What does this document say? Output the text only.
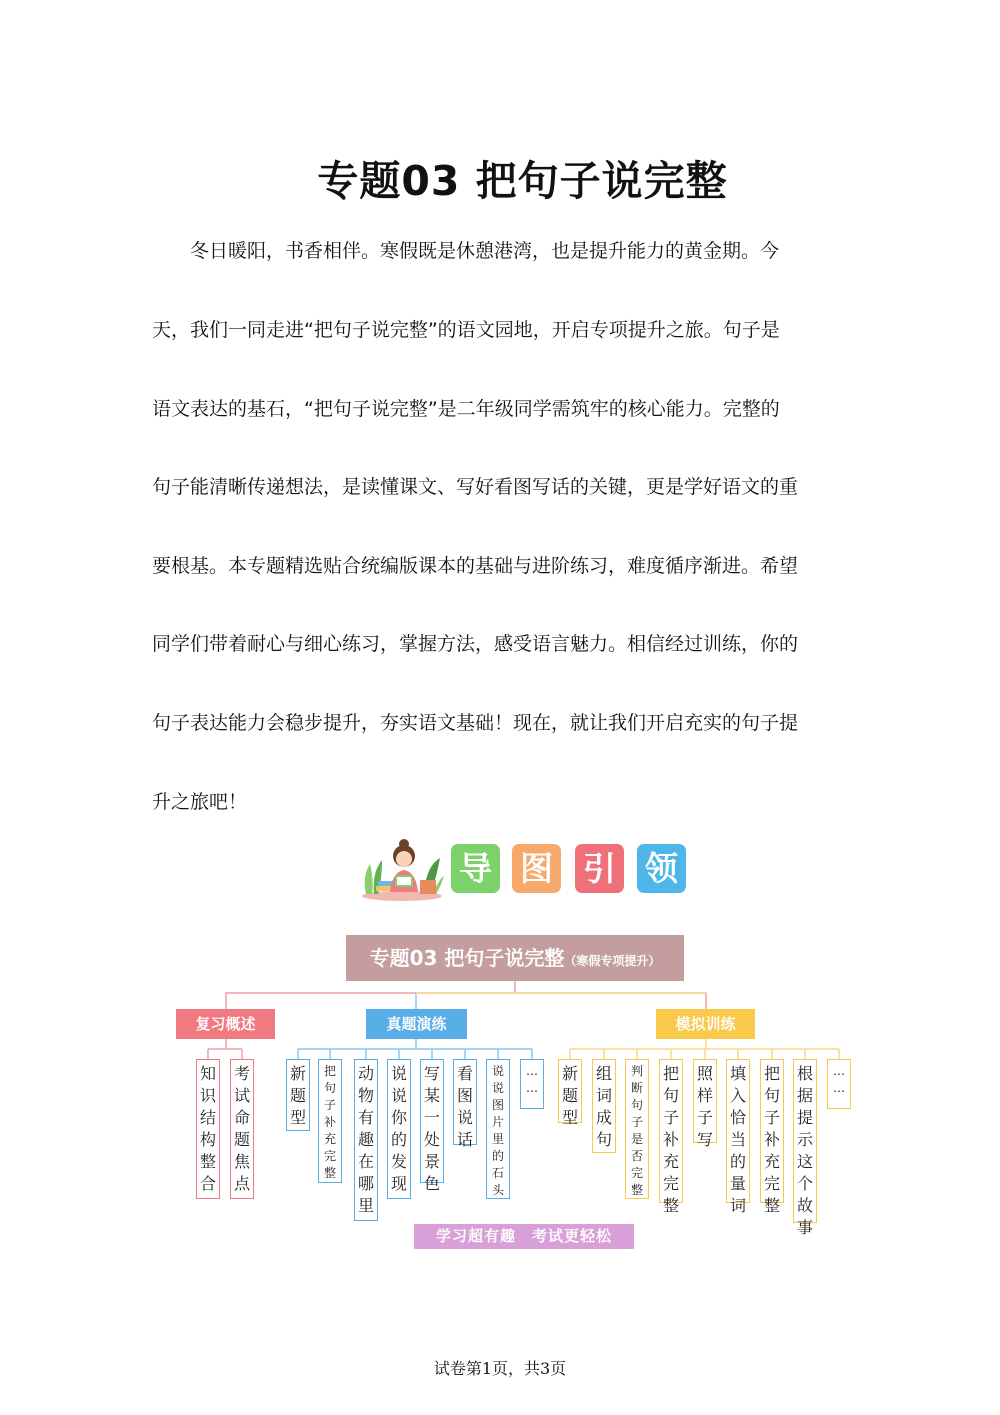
专题03 把句子说完整
　　冬日暖阳，书香相伴。寒假既是休憩港湾，也是提升能力的黄金期。今
天，我们一同走进“把句子说完整”的语文园地，开启专项提升之旅。句子是
语文表达的基石，“把句子说完整”是二年级同学需筑牢的核心能力。完整的
句子能清晰传递想法，是读懂课文、写好看图写话的关键，更是学好语文的重
要根基。本专题精选贴合统编版课本的基础与进阶练习，难度循序渐进。希望
同学们带着耐心与细心练习，掌握方法，感受语言魅力。相信经过训练，你的
句子表达能力会稳步提升，夯实语文基础！现在，就让我们开启充实的句子提
升之旅吧！
导 图 引 领
专题03 把句子说完整（寒假专项提升）
复习概述	真题演练	模拟训练
知
识
结
构
整
合
考
试
命
题
焦
点
新
题
型
把
句
子
补
充
完
整
动
物
有
趣
在
哪
里
说
说
你
的
发
现
写
某
一
处
景
色
看
图
说
话
说
说
图
片
里
的
石
头
…
…
新
题
型
组
词
成
句
判
断
句
子
是
否
完
整
把
句
子
补
充
完
整
照
样
子
写
填
入
恰
当
的
量
词
把
句
子
补
充
完
整
根
据
提
示
这
个
故
事
…
…
学习超有趣　考试更轻松
试卷第1页，共3页
